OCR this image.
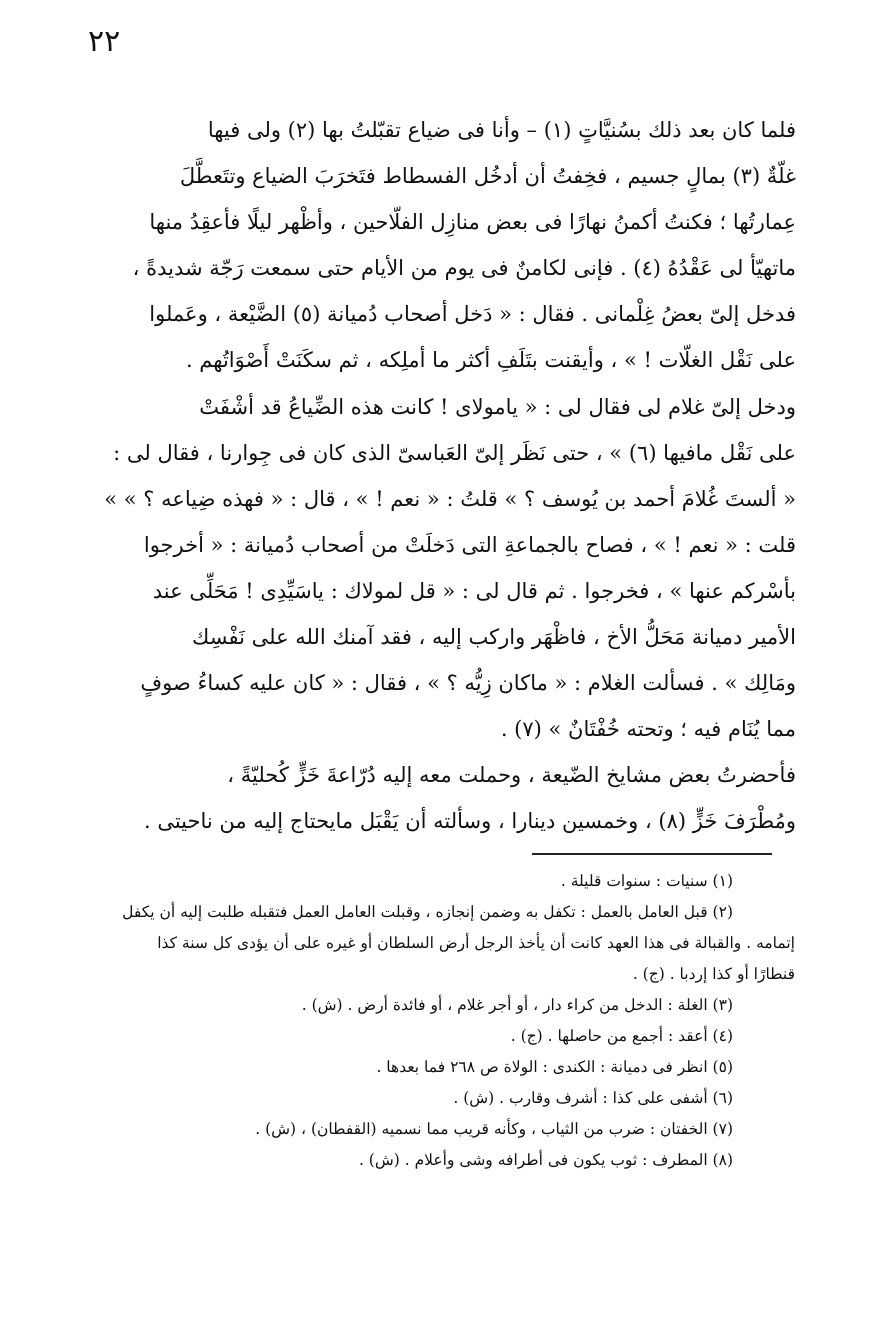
٢٢
فلما كان بعد ذلك بسُنيَّاتٍ (١) – وأنا فى ضياع تقبّلتُ بها (٢) ولى فيها
غلّةٌ (٣) بمالٍ جسيم ، فخِفتُ أن أدخُل الفسطاط فتَخرَبَ الضياع وتتَعطَّلَ
عِمارتُها ؛ فكنتُ أكمنُ نهارًا فى بعض منازِل الفلّاحين ، وأظْهر ليلًا فأعقِدُ منها
ماتهيّأ لى عَقْدُهُ (٤) . فإنى لكامنٌ فى يوم من الأيام حتى سمعت رَجّة شديدةً ،
فدخل إلىّ بعضُ غِلْمانى . فقال : « دَخل أصحاب دُميانة (٥) الضَّيْعة ، وعَملوا
على نَقْل الغلّات ! » ، وأيقنت بتَلَفِ أكثر ما أملِكه ، ثم سكَنَتْ أَصْوَاتُهم .
ودخل إلىّ غلام لى فقال لى : « يامولاى ! كانت هذه الضِّياعُ قد أشْفَتْ
على نَقْل مافيها (٦) » ، حتى نَظَر إلىّ العَباسىّ الذى كان فى جِوارنا ، فقال لى :
« ألستَ غُلامَ أحمد بن يُوسف ؟ » قلتُ : « نعم ! » ، قال : « فهذه ضِياعه ؟ » »
قلت : « نعم ! » ، فصاح بالجماعةِ التى دَخلَتْ من أصحاب دُميانة : « أخرجوا
بأسْركم عنها » ، فخرجوا . ثم قال لى : « قل لمولاك : ياسَيِّدِى ! مَحَلِّى عند
الأمير دميانة مَحَلُّ الأخ ، فاظْهَر واركب إليه ، فقد آمنك الله على نَفْسِك
ومَالِك » . فسألت الغلام : « ماكان زِيُّه ؟ » ، فقال : « كان عليه كساءُ صوفٍ
مما يُنَام فيه ؛ وتحته خُفْتَانٌ » (٧) .
فأحضرتُ بعض مشايخ الضّيعة ، وحملت معه إليه دُرّاعةَ خَزٍّ كُحليّةً ،
ومُطْرَفَ خَزٍّ (٨) ، وخمسين دينارا ، وسألته أن يَقْبَل مايحتاج إليه من ناحيتى .
(١) سنيات : سنوات قليلة .
(٢) قبل العامل بالعمل : تكفل به وضمن إنجازه ، وقبلت العامل العمل فتقبله طلبت إليه أن يكفل
إتمامه . والقبالة فى هذا العهد كانت أن يأخذ الرجل أرض السلطان أو غيره على أن يؤدى كل سنة كذا
قنطارًا أو كذا إردبا . (ج) .
(٣) الغلة : الدخل من كراء دار ، أو أجر غلام ، أو فائدة أرض . (ش) .
(٤) أعقد : أجمع من حاصلها . (ج) .
(٥) انظر فى دميانة : الكندى : الولاة ص ٢٦٨ فما بعدها .
(٦) أشفى على كذا : أشرف وقارب . (ش) .
(٧) الخفتان : ضرب من الثياب ، وكأنه قريب مما نسميه (القفطان) ، (ش) .
(٨) المطرف : ثوب يكون فى أطرافه وشى وأعلام . (ش) .
